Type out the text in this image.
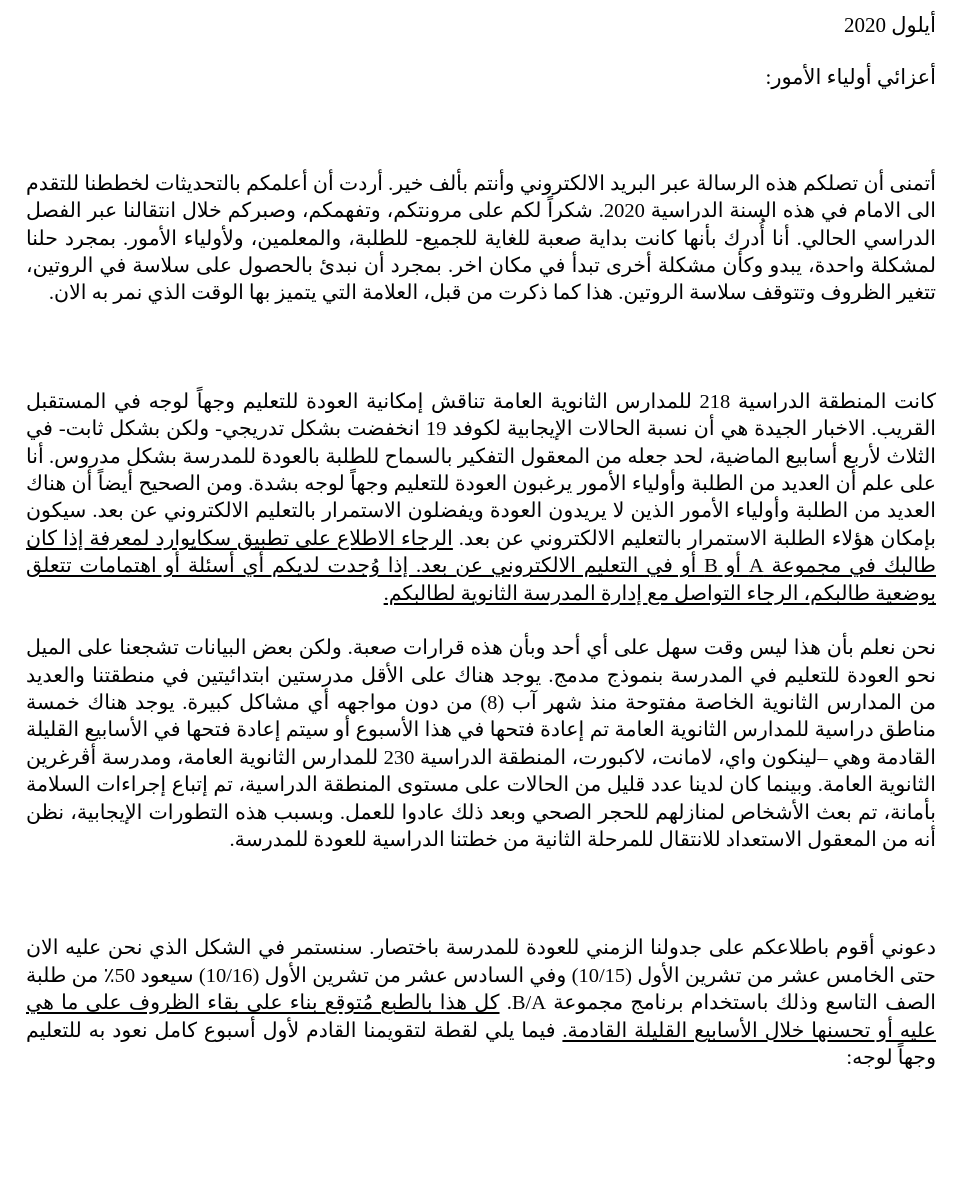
أيلول 2020

أعزائي أولياء الأمور:

أتمنى أن تصلكم هذه الرسالة عبر البريد الالكتروني وأنتم بألف خير. أردت أن أعلمكم بالتحديثات لخططنا للتقدم الى الامام في هذه السنة الدراسية 2020. شكراً لكم على مرونتكم، وتفهمكم، وصبركم خلال انتقالنا عبر الفصل الدراسي الحالي. أنا أُدرك بأنها كانت بداية صعبة للغاية للجميع- للطلبة، والمعلمين، ولأولياء الأمور. بمجرد حلنا لمشكلة واحدة، يبدو وكأن مشكلة أخرى تبدأ في مكان اخر. بمجرد أن نبدئ بالحصول على سلاسة في الروتين، تتغير الظروف وتتوقف سلاسة الروتين. هذا كما ذكرت من قبل، العلامة التي يتميز بها الوقت الذي نمر به الان.

كانت المنطقة الدراسية 218 للمدارس الثانوية العامة تناقش إمكانية العودة للتعليم وجهاً لوجه في المستقبل القريب. الاخبار الجيدة هي أن نسبة الحالات الإيجابية لكوفد 19 انخفضت بشكل تدريجي- ولكن بشكل ثابت- في الثلاث لأربع أسابيع الماضية، لحد جعله من المعقول التفكير بالسماح للطلبة بالعودة للمدرسة بشكل مدروس. أنا على علم أن العديد من الطلبة وأولياء الأمور يرغبون العودة للتعليم وجهاً لوجه بشدة. ومن الصحيح أيضاً أن هناك العديد من الطلبة وأولياء الأمور الذين لا يريدون العودة ويفضلون الاستمرار بالتعليم الالكتروني عن بعد. سيكون بإمكان هؤلاء الطلبة الاستمرار بالتعليم الالكتروني عن بعد. الرجاء الاطلاع على تطبيق سكايوارد لمعرفة إذا كان طالبك في مجموعة A أو B أو في التعليم الالكتروني عن بعد. إذا وُجدت لديكم أي أسئلة أو اهتمامات تتعلق بوضعية طالبكم، الرجاء التواصل مع إدارة المدرسة الثانوية لطالبكم.

نحن نعلم بأن هذا ليس وقت سهل على أي أحد وبأن هذه قرارات صعبة. ولكن بعض البيانات تشجعنا على الميل نحو العودة للتعليم في المدرسة بنموذج مدمج. يوجد هناك على الأقل مدرستين ابتدائيتين في منطقتنا والعديد من المدارس الثانوية الخاصة مفتوحة منذ شهر آب (8) من دون مواجهه أي مشاكل كبيرة. يوجد هناك خمسة مناطق دراسية للمدارس الثانوية العامة تم إعادة فتحها في هذا الأسبوع أو سيتم إعادة فتحها في الأسابيع القليلة القادمة وهي –لينكون واي، لامانت، لاكبورت، المنطقة الدراسية 230 للمدارس الثانوية العامة، ومدرسة أڤرغرين الثانوية العامة. وبينما كان لدينا عدد قليل من الحالات على مستوى المنطقة الدراسية، تم إتباع إجراءات السلامة بأمانة، تم بعث الأشخاص لمنازلهم للحجر الصحي وبعد ذلك عادوا للعمل. وبسبب هذه التطورات الإيجابية، نظن أنه من المعقول الاستعداد للانتقال للمرحلة الثانية من خطتنا الدراسية للعودة للمدرسة.

دعوني أقوم باطلاعكم على جدولنا الزمني للعودة للمدرسة باختصار. سنستمر في الشكل الذي نحن عليه الان حتى الخامس عشر من تشرين الأول (10/15) وفي السادس عشر من تشرين الأول (10/16) سيعود 50٪ من طلبة الصف التاسع وذلك باستخدام برنامج مجموعة B/A. كل هذا بالطبع مُتوقع بناء على بقاء الظروف على ما هي عليه أو تحسنها خلال الأسابيع القليلة القادمة. فيما يلي لقطة لتقويمنا القادم لأول أسبوع كامل نعود به للتعليم وجهاً لوجه:
